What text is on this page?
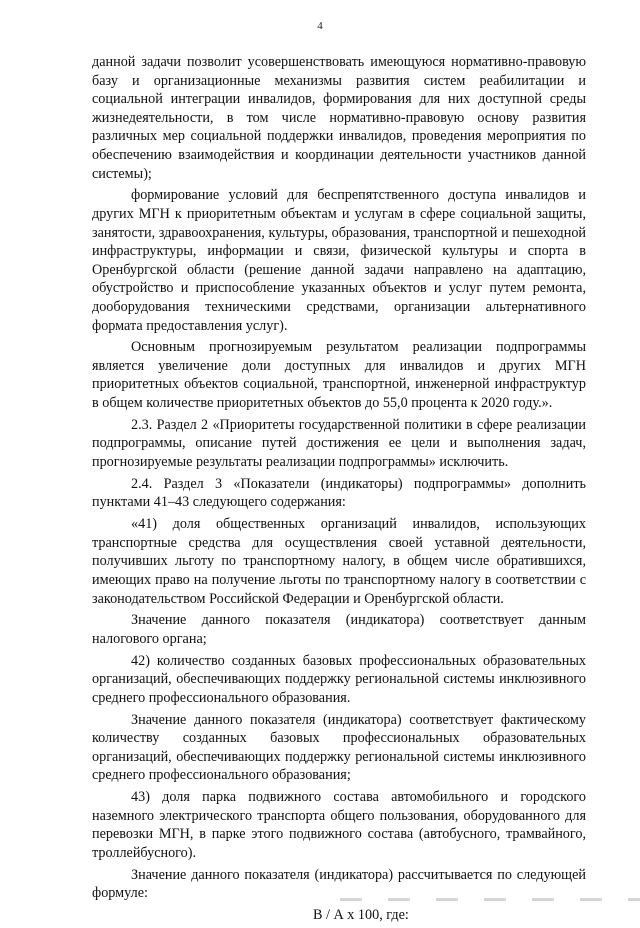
4

данной задачи позволит усовершенствовать имеющуюся нормативно-правовую базу и организационные механизмы развития систем реабилитации и социальной интеграции инвалидов, формирования для них доступной среды жизнедеятельности, в том числе нормативно-правовую основу развития различных мер социальной поддержки инвалидов, проведения мероприятия по обеспечению взаимодействия и координации деятельности участников данной системы);

формирование условий для беспрепятственного доступа инвалидов и других МГН к приоритетным объектам и услугам в сфере социальной защиты, занятости, здравоохранения, культуры, образования, транспортной и пешеходной инфраструктуры, информации и связи, физической культуры и спорта в Оренбургской области (решение данной задачи направлено на адаптацию, обустройство и приспособление указанных объектов и услуг путем ремонта, дооборудования техническими средствами, организации альтернативного формата предоставления услуг).

Основным прогнозируемым результатом реализации подпрограммы является увеличение доли доступных для инвалидов и других МГН приоритетных объектов социальной, транспортной, инженерной инфраструктур в общем количестве приоритетных объектов до 55,0 процента к 2020 году.».

2.3. Раздел 2 «Приоритеты государственной политики в сфере реализации подпрограммы, описание путей достижения ее цели и выполнения задач, прогнозируемые результаты реализации подпрограммы» исключить.

2.4. Раздел 3 «Показатели (индикаторы) подпрограммы» дополнить пунктами 41–43 следующего содержания:

«41) доля общественных организаций инвалидов, использующих транспортные средства для осуществления своей уставной деятельности, получивших льготу по транспортному налогу, в общем числе обратившихся, имеющих право на получение льготы по транспортному налогу в соответствии с законодательством Российской Федерации и Оренбургской области.

Значение данного показателя (индикатора) соответствует данным налогового органа;

42) количество созданных базовых профессиональных образовательных организаций, обеспечивающих поддержку региональной системы инклюзивного среднего профессионального образования.

Значение данного показателя (индикатора) соответствует фактическому количеству созданных базовых профессиональных образовательных организаций, обеспечивающих поддержку региональной системы инклюзивного среднего профессионального образования;

43) доля парка подвижного состава автомобильного и городского наземного электрического транспорта общего пользования, оборудованного для перевозки МГН, в парке этого подвижного состава (автобусного, трамвайного, троллейбусного).

Значение данного показателя (индикатора) рассчитывается по следующей формуле:

В / А х 100, где:
